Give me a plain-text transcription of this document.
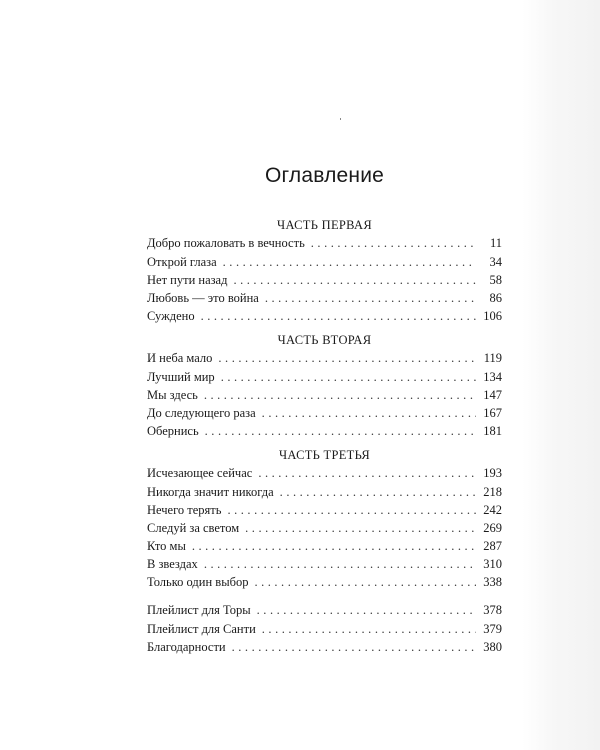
Оглавление
ЧАСТЬ ПЕРВАЯ
Добро пожаловать в вечность . . .	11
Открой глаза . . .	34
Нет пути назад . . .	58
Любовь — это война . . .	86
Суждено . . .	106
ЧАСТЬ ВТОРАЯ
И неба мало . . .	119
Лучший мир . . .	134
Мы здесь . . .	147
До следующего раза . . .	167
Обернись . . .	181
ЧАСТЬ ТРЕТЬЯ
Исчезающее сейчас . . .	193
Никогда значит никогда . . .	218
Нечего терять . . .	242
Следуй за светом . . .	269
Кто мы . . .	287
В звездах . . .	310
Только один выбор . . .	338
Плейлист для Торы . . .	378
Плейлист для Санти . . .	379
Благодарности . . .	380
